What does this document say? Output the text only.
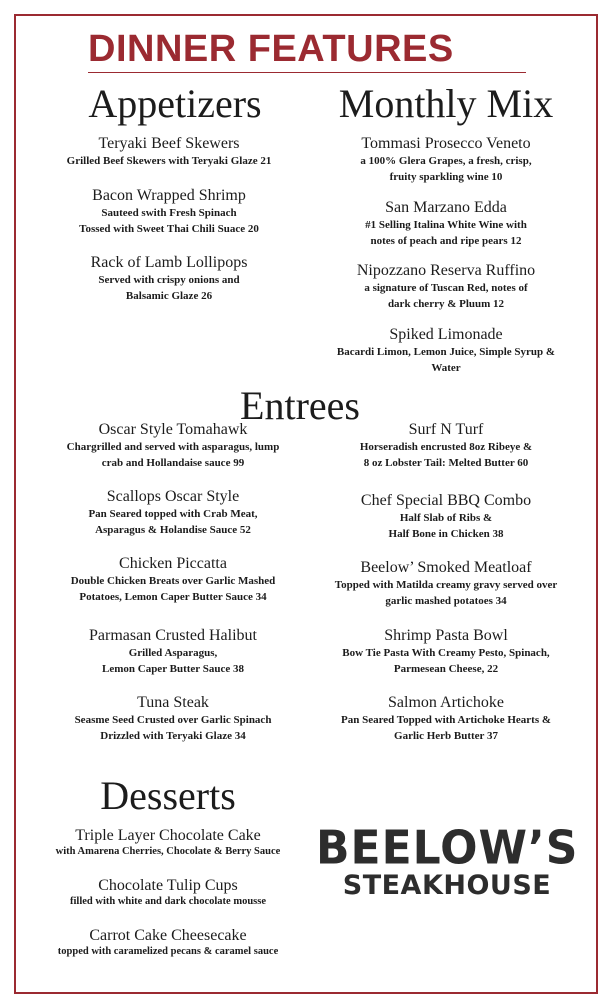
DINNER FEATURES
Appetizers
Teryaki Beef Skewers
Grilled Beef Skewers with Teryaki Glaze 21
Bacon Wrapped Shrimp
Sauteed swith Fresh Spinach
Tossed with Sweet Thai Chili Suace 20
Rack of Lamb Lollipops
Served with crispy onions and
Balsamic Glaze 26
Monthly Mix
Tommasi Prosecco Veneto
a 100% Glera Grapes, a fresh, crisp,
fruity sparkling wine 10
San Marzano Edda
#1 Selling Italina White Wine with
notes of peach and ripe pears 12
Nipozzano Reserva Ruffino
a signature of Tuscan Red, notes of
dark cherry & Pluum 12
Spiked Limonade
Bacardi Limon, Lemon Juice, Simple Syrup &
Water
Entrees
Oscar Style Tomahawk
Chargrilled and served with asparagus, lump
crab and Hollandaise sauce 99
Scallops Oscar Style
Pan Seared topped with Crab Meat,
Asparagus & Holandise Sauce 52
Chicken Piccatta
Double Chicken Breats over Garlic Mashed
Potatoes, Lemon Caper Butter Sauce 34
Parmasan Crusted Halibut
Grilled Asparagus,
Lemon Caper Butter Sauce 38
Tuna Steak
Seasme Seed Crusted over Garlic Spinach
Drizzled with Teryaki Glaze 34
Surf N Turf
Horseradish encrusted 8oz Ribeye &
8 oz Lobster Tail: Melted Butter 60
Chef Special BBQ Combo
Half Slab of Ribs &
Half Bone in Chicken 38
Beelow’ Smoked Meatloaf
Topped with Matilda creamy gravy served over
garlic mashed potatoes 34
Shrimp Pasta Bowl
Bow Tie Pasta With Creamy Pesto, Spinach,
Parmesean Cheese, 22
Salmon Artichoke
Pan Seared Topped with Artichoke Hearts &
Garlic Herb Butter 37
Desserts
Triple Layer Chocolate Cake
with Amarena Cherries, Chocolate & Berry Sauce
Chocolate Tulip Cups
filled with white and dark chocolate mousse
Carrot Cake Cheesecake
topped with caramelized pecans & caramel sauce
BEELOW’S
STEAKHOUSE
